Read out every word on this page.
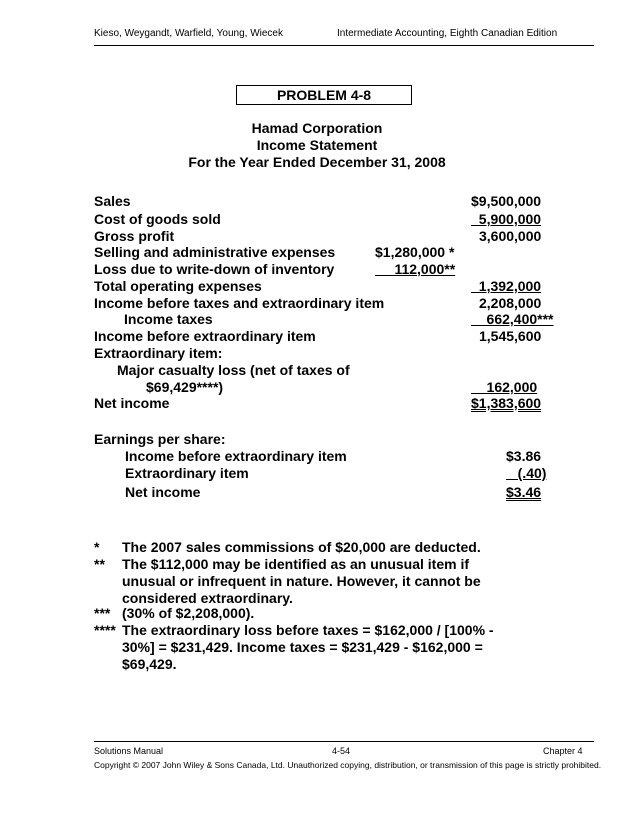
Kieso, Weygandt, Warfield, Young, Wiecek	Intermediate Accounting, Eighth Canadian Edition
PROBLEM 4-8
Hamad Corporation
Income Statement
For the Year Ended December 31, 2008
Sales	$9,500,000
Cost of goods sold	5,900,000
Gross profit	3,600,000
Selling and administrative expenses	$1,280,000 *
Loss due to write-down of inventory	112,000**
Total operating expenses	1,392,000
Income before taxes and extraordinary item	2,208,000
Income taxes	662,400***
Income before extraordinary item	1,545,600
Extraordinary item:
Major casualty loss (net of taxes of
$69,429****)	162,000
Net income	$1,383,600
Earnings per share:
Income before extraordinary item	$3.86
Extraordinary item	(.40)
Net income	$3.46
* The 2007 sales commissions of $20,000 are deducted.
** The $112,000 may be identified as an unusual item if unusual or infrequent in nature. However, it cannot be considered extraordinary.
*** (30% of $2,208,000).
**** The extraordinary loss before taxes = $162,000 / [100% - 30%] = $231,429. Income taxes = $231,429 - $162,000 = $69,429.
Solutions Manual	4-54	Chapter 4
Copyright © 2007 John Wiley & Sons Canada, Ltd. Unauthorized copying, distribution, or transmission of this page is strictly prohibited.
